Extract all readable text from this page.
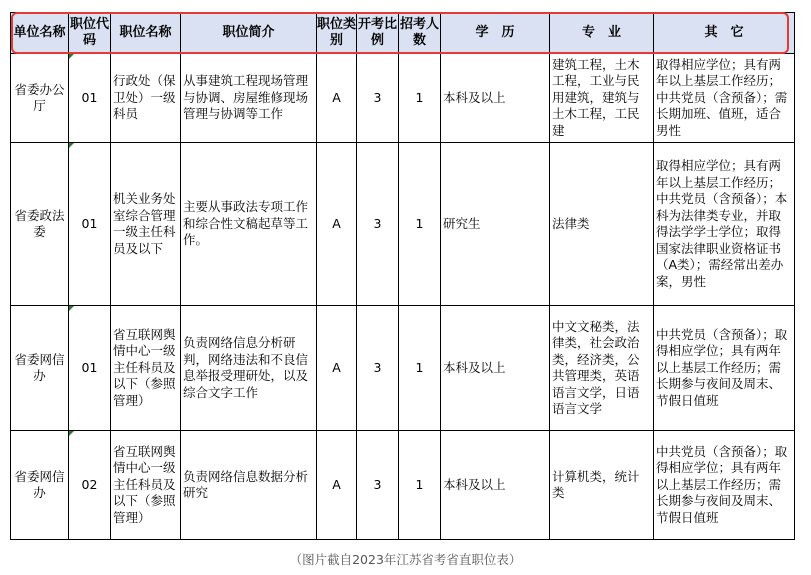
单位名称	职位代码	职位名称	职位简介	职位类别	开考比例	招考人数	学　历	专　业	其　它
省委办公厅	01	行政处（保卫处）一级科员	从事建筑工程现场管理与协调、房屋维修现场管理与协调等工作	A	3	1	本科及以上	建筑工程，土木工程，工业与民用建筑，建筑与土木工程，工民建	取得相应学位；具有两年以上基层工作经历；中共党员（含预备）；需长期加班、值班，适合男性
省委政法委	01	机关业务处室综合管理一级主任科员及以下	主要从事政法专项工作和综合性文稿起草等工作。	A	3	1	研究生	法律类	取得相应学位；具有两年以上基层工作经历；中共党员（含预备）；本科为法律类专业，并取得法学学士学位；取得国家法律职业资格证书（A类）；需经常出差办案，男性
省委网信办	01	省互联网舆情中心一级主任科员及以下（参照管理）	负责网络信息分析研判，网络违法和不良信息举报受理研处，以及综合文字工作	A	3	1	本科及以上	中文文秘类，法律类，社会政治类，经济类，公共管理类，英语语言文学，日语语言文学	中共党员（含预备）；取得相应学位；具有两年以上基层工作经历；需长期参与夜间及周末、节假日值班
省委网信办	02	省互联网舆情中心一级主任科员及以下（参照管理）	负责网络信息数据分析研究	A	3	1	本科及以上	计算机类，统计类	中共党员（含预备）；取得相应学位；具有两年以上基层工作经历；需长期参与夜间及周末、节假日值班
（图片截自2023年江苏省考省直职位表）
